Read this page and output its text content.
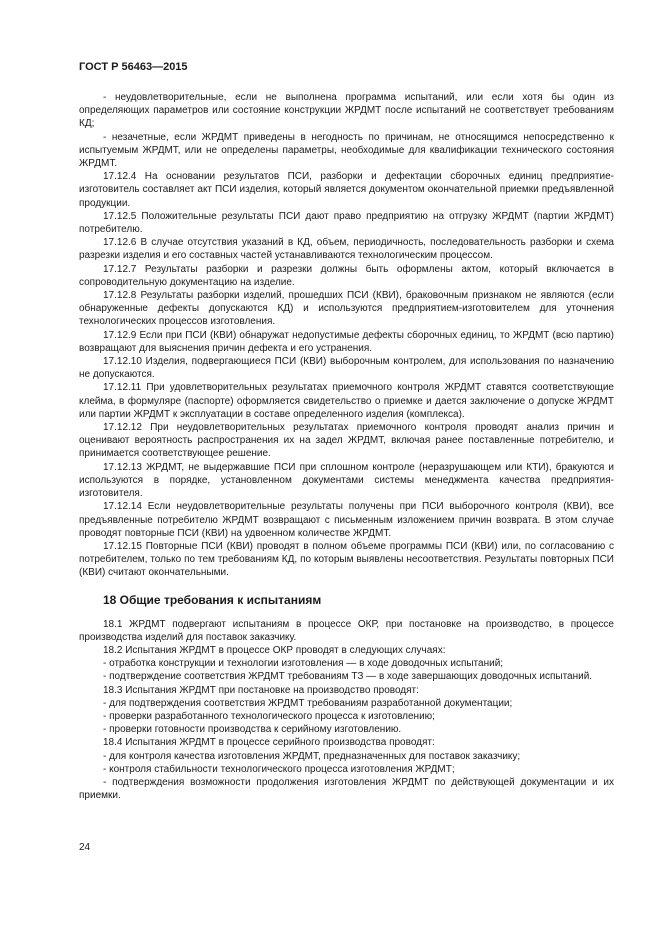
ГОСТ Р 56463—2015

- неудовлетворительные, если не выполнена программа испытаний, или если хотя бы один из определяющих параметров или состояние конструкции ЖРДМТ после испытаний не соответствует требованиям КД;

- незачетные, если ЖРДМТ приведены в негодность по причинам, не относящимся непосредственно к испытуемым ЖРДМТ, или не определены параметры, необходимые для квалификации технического состояния ЖРДМТ.

17.12.4 На основании результатов ПСИ, разборки и дефектации сборочных единиц предприятие-изготовитель составляет акт ПСИ изделия, который является документом окончательной приемки предъявленной продукции.

17.12.5 Положительные результаты ПСИ дают право предприятию на отгрузку ЖРДМТ (партии ЖРДМТ) потребителю.

17.12.6 В случае отсутствия указаний в КД, объем, периодичность, последовательность разборки и схема разрезки изделия и его составных частей устанавливаются технологическим процессом.

17.12.7 Результаты разборки и разрезки должны быть оформлены актом, который включается в сопроводительную документацию на изделие.

17.12.8 Результаты разборки изделий, прошедших ПСИ (КВИ), браковочным признаком не являются (если обнаруженные дефекты допускаются КД) и используются предприятием-изготовителем для уточнения технологических процессов изготовления.

17.12.9 Если при ПСИ (КВИ) обнаружат недопустимые дефекты сборочных единиц, то ЖРДМТ (всю партию) возвращают для выяснения причин дефекта и его устранения.

17.12.10 Изделия, подвергающиеся ПСИ (КВИ) выборочным контролем, для использования по назначению не допускаются.

17.12.11 При удовлетворительных результатах приемочного контроля ЖРДМТ ставятся соответствующие клейма, в формуляре (паспорте) оформляется свидетельство о приемке и дается заключение о допуске ЖРДМТ или партии ЖРДМТ к эксплуатации в составе определенного изделия (комплекса).

17.12.12 При неудовлетворительных результатах приемочного контроля проводят анализ причин и оценивают вероятность распространения их на задел ЖРДМТ, включая ранее поставленные потребителю, и принимается соответствующее решение.

17.12.13 ЖРДМТ, не выдержавшие ПСИ при сплошном контроле (неразрушающем или КТИ), бракуются и используются в порядке, установленном документами системы менеджмента качества предприятия-изготовителя.

17.12.14 Если неудовлетворительные результаты получены при ПСИ выборочного контроля (КВИ), все предъявленные потребителю ЖРДМТ возвращают с письменным изложением причин возврата. В этом случае проводят повторные ПСИ (КВИ) на удвоенном количестве ЖРДМТ.

17.12.15 Повторные ПСИ (КВИ) проводят в полном объеме программы ПСИ (КВИ) или, по согласованию с потребителем, только по тем требованиям КД, по которым выявлены несоответствия. Результаты повторных ПСИ (КВИ) считают окончательными.

18 Общие требования к испытаниям

18.1 ЖРДМТ подвергают испытаниям в процессе ОКР, при постановке на производство, в процессе производства изделий для поставок заказчику.

18.2 Испытания ЖРДМТ в процессе ОКР проводят в следующих случаях:

- отработка конструкции и технологии изготовления — в ходе доводочных испытаний;

- подтверждение соответствия ЖРДМТ требованиям ТЗ — в ходе завершающих доводочных испытаний.

18.3 Испытания ЖРДМТ при постановке на производство проводят:

- для подтверждения соответствия ЖРДМТ требованиям разработанной документации;

- проверки разработанного технологического процесса к изготовлению;

- проверки готовности производства к серийному изготовлению.

18.4 Испытания ЖРДМТ в процессе серийного производства проводят:

- для контроля качества изготовления ЖРДМТ, предназначенных для поставок заказчику;

- контроля стабильности технологического процесса изготовления ЖРДМТ;

- подтверждения возможности продолжения изготовления ЖРДМТ по действующей документации и их приемки.

24
